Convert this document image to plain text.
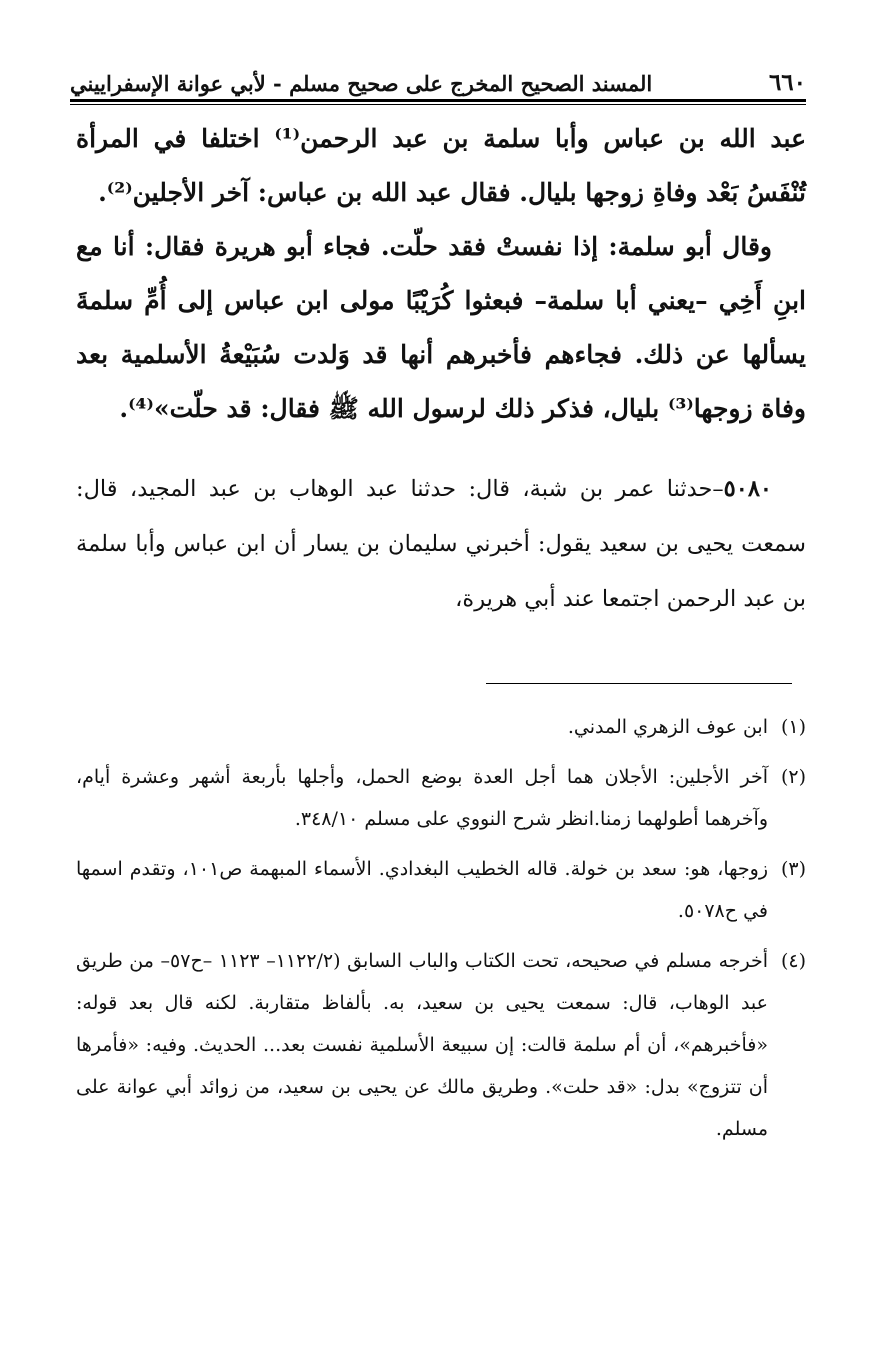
٦٦٠
المسند الصحيح المخرج على صحيح مسلم - لأبي عوانة الإسفراييني

عبد الله بن عباس وأبا سلمة بن عبد الرحمن⁽¹⁾ اختلفا في المرأة تُنْفَسُ بَعْد وفاةِ زوجها بليال. فقال عبد الله بن عباس: آخر الأجلين⁽²⁾.

وقال أبو سلمة: إذا نفستْ فقد حلّت. فجاء أبو هريرة فقال: أنا مع ابنِ أَخِي –يعني أبا سلمة– فبعثوا كُرَيْبًا مولى ابن عباس إلى أُمِّ سلمةَ يسألها عن ذلك. فجاءهم فأخبرهم أنها قد وَلدت سُبَيْعةُ الأسلمية بعد وفاة زوجها⁽³⁾ بليال، فذكر ذلك لرسول الله ﷺ فقال: قد حلّت»⁽⁴⁾.

٥٠٨٠–حدثنا عمر بن شبة، قال: حدثنا عبد الوهاب بن عبد المجيد، قال: سمعت يحيى بن سعيد يقول: أخبرني سليمان بن يسار أن ابن عباس وأبا سلمة بن عبد الرحمن اجتمعا عند أبي هريرة،

(١)ابن عوف الزهري المدني.

(٢)آخر الأجلين: الأجلان هما أجل العدة بوضع الحمل، وأجلها بأربعة أشهر وعشرة أيام، وآخرهما أطولهما زمنا.انظر شرح النووي على مسلم ٣٤٨/١٠.

(٣)زوجها، هو: سعد بن خولة. قاله الخطيب البغدادي. الأسماء المبهمة ص١٠١، وتقدم اسمها في ح٥٠٧٨.

(٤)أخرجه مسلم في صحيحه، تحت الكتاب والباب السابق (١١٢٢/٢– ١١٢٣ –ح٥٧– من طريق عبد الوهاب، قال: سمعت يحيى بن سعيد، به. بألفاظ متقاربة. لكنه قال بعد قوله: «فأخبرهم»، أن أم سلمة قالت: إن سبيعة الأسلمية نفست بعد... الحديث. وفيه: «فأمرها أن تتزوج» بدل: «قد حلت». وطريق مالك عن يحيى بن سعيد، من زوائد أبي عوانة على مسلم.
